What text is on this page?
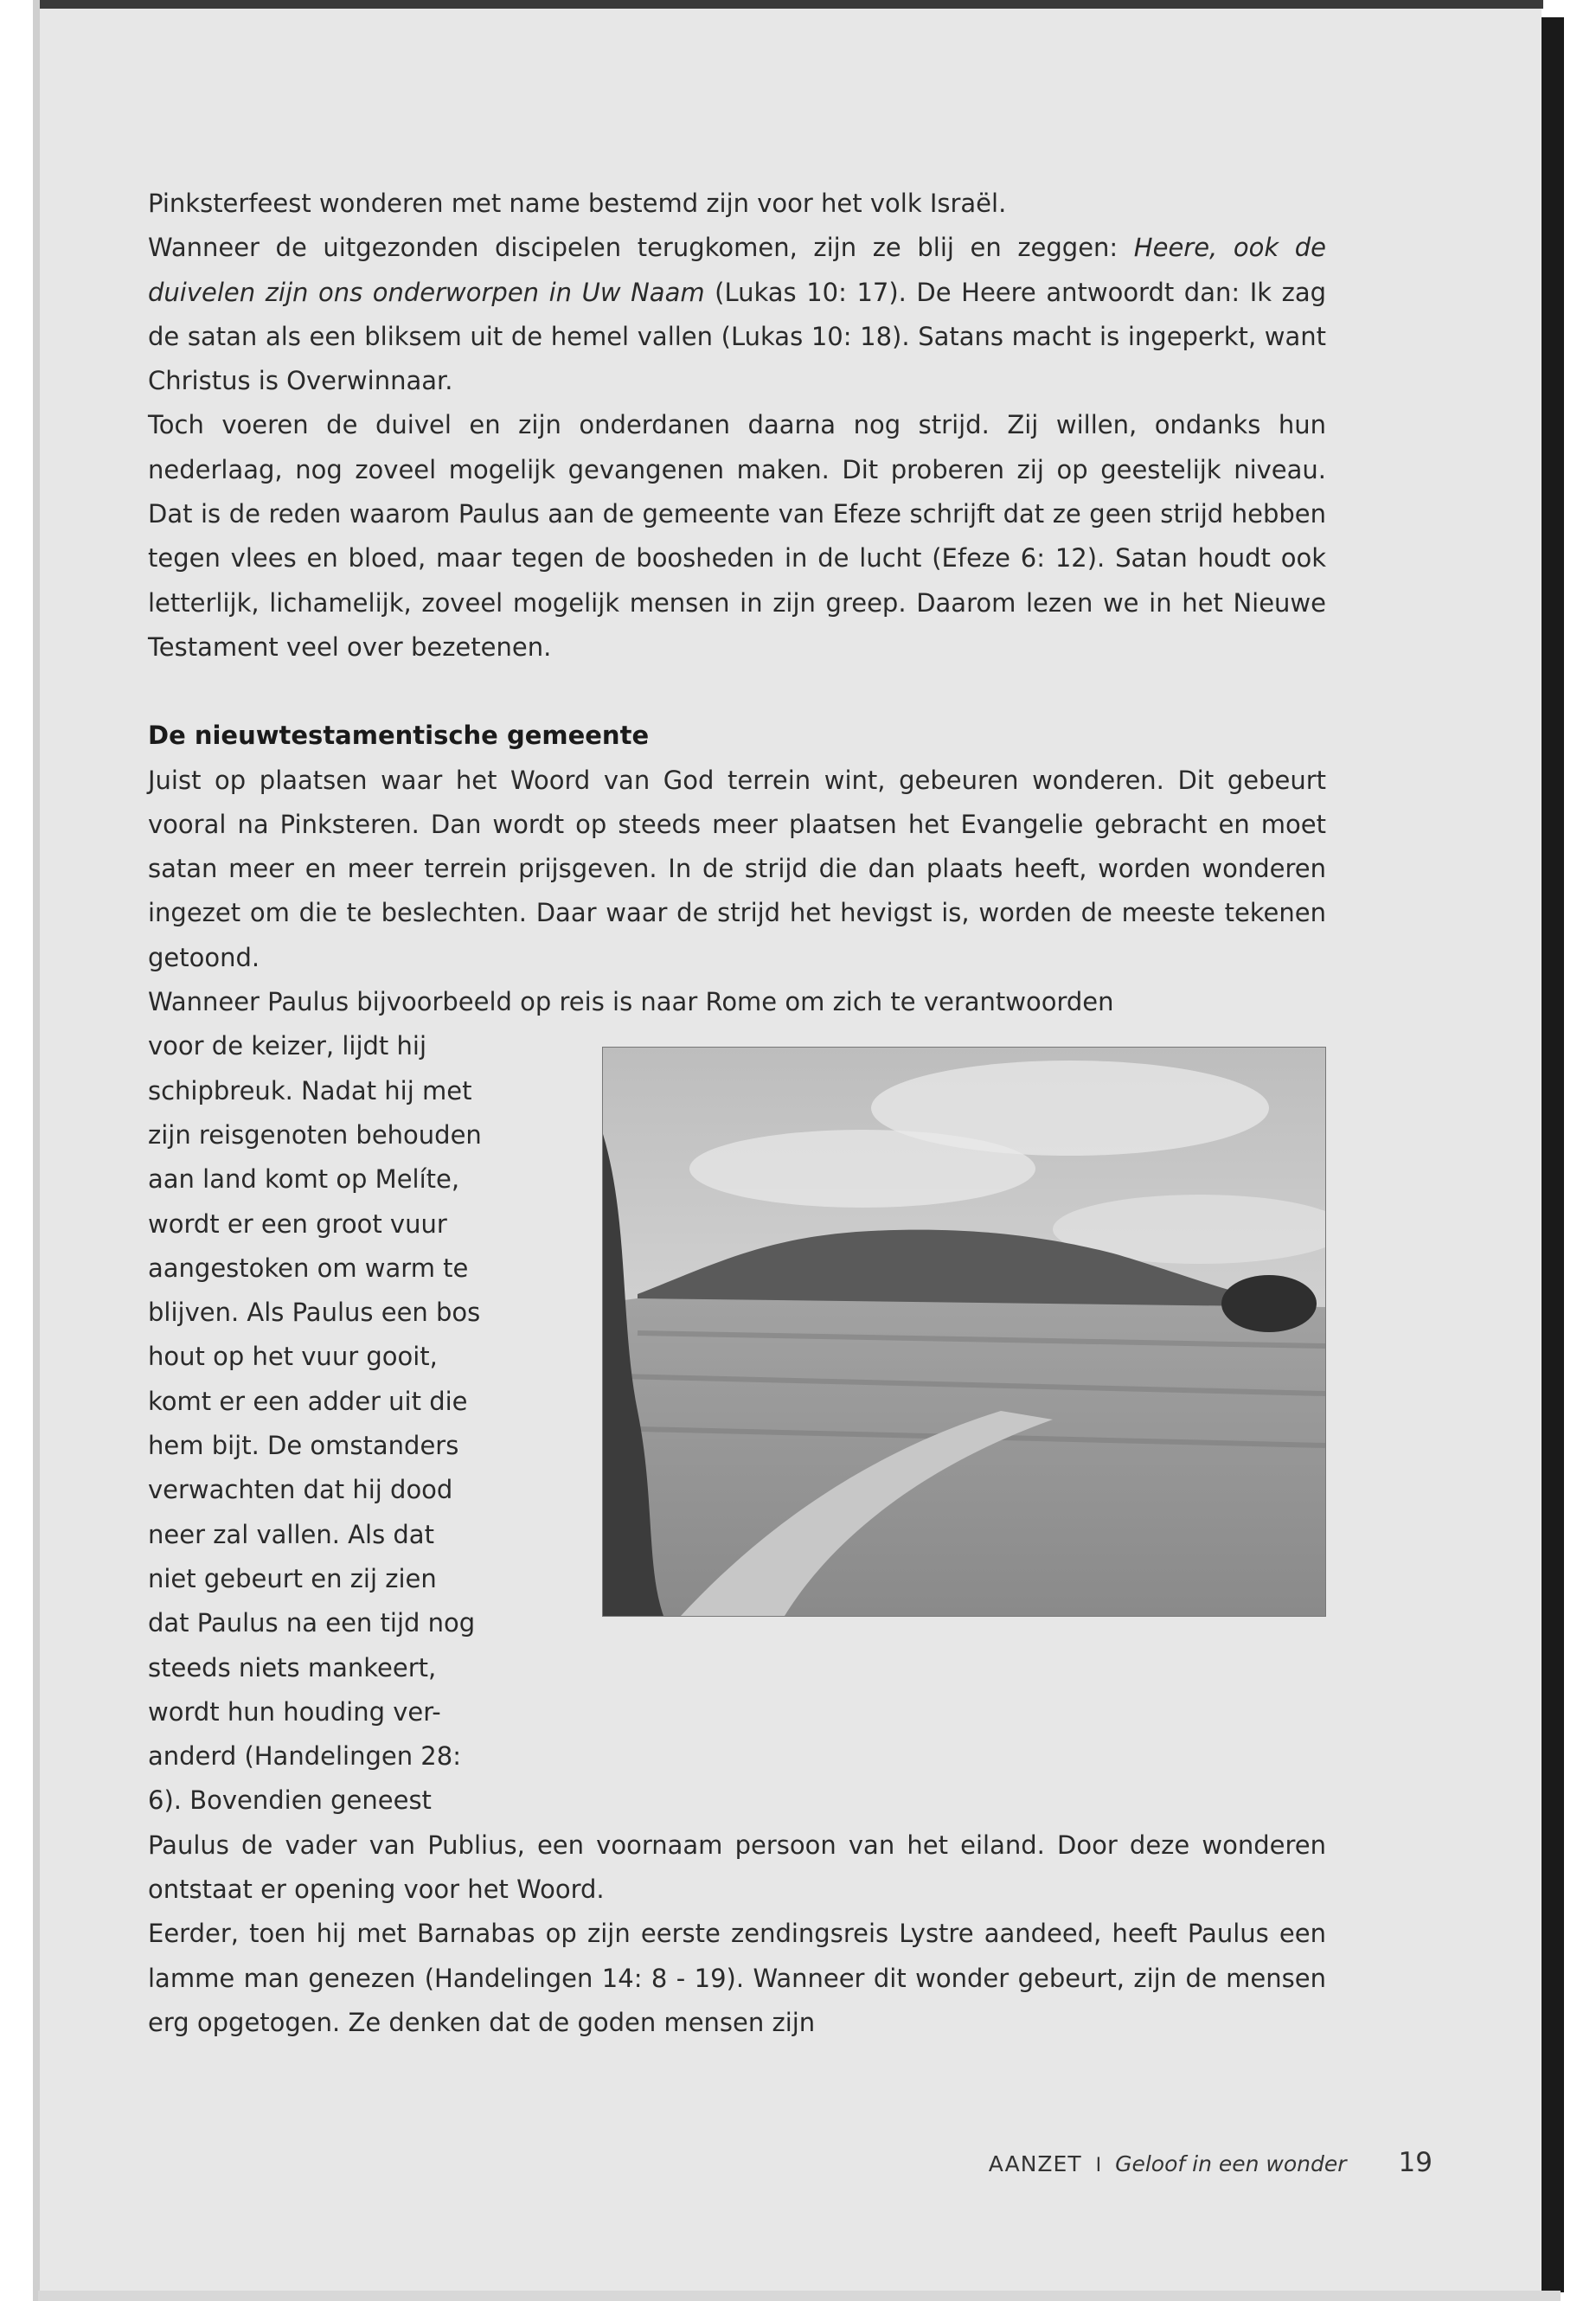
Pinksterfeest wonderen met name bestemd zijn voor het volk Israël.

Wanneer de uitgezonden discipelen terugkomen, zijn ze blij en zeggen: Heere, ook de duivelen zijn ons onderworpen in Uw Naam (Lukas 10: 17). De Heere antwoordt dan: Ik zag de satan als een bliksem uit de hemel vallen (Lukas 10: 18). Satans macht is ingeperkt, want Christus is Overwinnaar.

Toch voeren de duivel en zijn onderdanen daarna nog strijd. Zij willen, ondanks hun nederlaag, nog zoveel mogelijk gevangenen maken. Dit proberen zij op geestelijk niveau. Dat is de reden waarom Paulus aan de gemeente van Efeze schrijft dat ze geen strijd hebben tegen vlees en bloed, maar tegen de boosheden in de lucht (Efeze 6: 12). Satan houdt ook letterlijk, lichamelijk, zoveel mogelijk mensen in zijn greep. Daarom lezen we in het Nieuwe Testament veel over bezetenen.

De nieuwtestamentische gemeente

Juist op plaatsen waar het Woord van God terrein wint, gebeuren wonderen. Dit gebeurt vooral na Pinksteren. Dan wordt op steeds meer plaatsen het Evangelie gebracht en moet satan meer en meer terrein prijsgeven. In de strijd die dan plaats heeft, worden wonderen ingezet om die te beslechten. Daar waar de strijd het hevigst is, worden de meeste tekenen getoond.

Wanneer Paulus bijvoorbeeld op reis is naar Rome om zich te verantwoorden

voor de keizer, lijdt hij
schipbreuk. Nadat hij met
zijn reisgenoten behouden
aan land komt op Melíte,
wordt er een groot vuur
aangestoken om warm te
blijven. Als Paulus een bos
hout op het vuur gooit,
komt er een adder uit die
hem bijt. De omstanders
verwachten dat hij dood
neer zal vallen. Als dat
niet gebeurt en zij zien
dat Paulus na een tijd nog
steeds niets mankeert,
wordt hun houding ver-
anderd (Handelingen 28:
6). Bovendien geneest

Paulus de vader van Publius, een voornaam persoon van het eiland. Door deze wonderen ontstaat er opening voor het Woord.

Eerder, toen hij met Barnabas op zijn eerste zendingsreis Lystre aandeed, heeft Paulus een lamme man genezen (Handelingen 14: 8 - 19). Wanneer dit wonder gebeurt, zijn de mensen erg opgetogen. Ze denken dat de goden mensen zijn

AANZET I Geloof in een wonder 19
